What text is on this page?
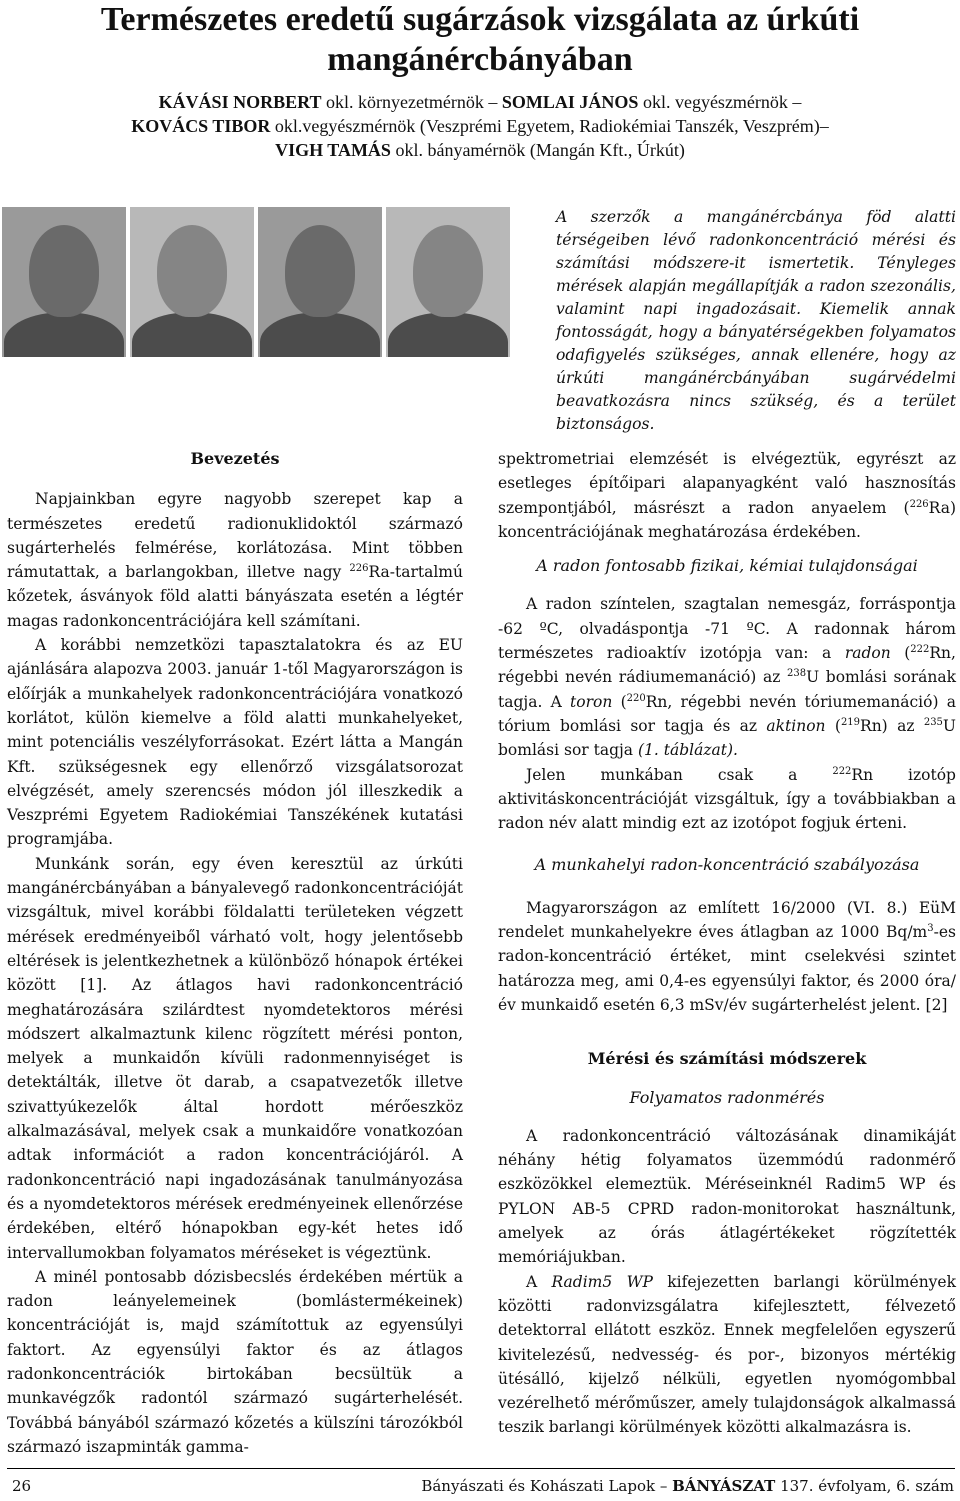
Természetes eredetű sugárzások vizsgálata az úrkúti
mangánércbányában
KÁVÁSI NORBERT okl. környezetmérnök – SOMLAI JÁNOS okl. vegyészmérnök –
KOVÁCS TIBOR okl.vegyészmérnök (Veszprémi Egyetem, Radiokémiai Tanszék, Veszprém)–
VIGH TAMÁS okl. bányamérnök (Mangán Kft., Úrkút)
A szerzők a mangánércbánya föd alatti térségeiben lévő radonkoncentráció mérési és számítási módszere-it ismertetik. Tényleges mérések alapján megállapítják a radon szezonális, valamint napi ingadozásait. Kiemelik annak fontosságát, hogy a bányatérségekben folyamatos odafigyelés szükséges, annak ellenére, hogy az úrkúti mangánércbányában sugárvédelmi beavatkozásra nincs szükség, és a terület biztonságos.
Bevezetés

Napjainkban egyre nagyobb szerepet kap a természetes eredetű radionuklidoktól származó sugárterhelés felmérése, korlátozása. Mint többen rámutattak, a barlangokban, illetve nagy $^{226}$Ra-tartalmú kőzetek, ásványok föld alatti bányászata esetén a légtér magas radonkoncentrációjára kell számítani.

A korábbi nemzetközi tapasztalatokra és az EU ajánlására alapozva 2003. január 1-től Magyarországon is előírják a munkahelyek radonkoncentrációjára vonatkozó korlátot, külön kiemelve a föld alatti munkahelyeket, mint potenciális veszélyforrásokat. Ezért látta a Mangán Kft. szükségesnek egy ellenőrző vizsgálatsorozat elvégzését, amely szerencsés módon jól illeszkedik a Veszprémi Egyetem Radiokémiai Tanszékének kutatási programjába.

Munkánk során, egy éven keresztül az úrkúti mangánércbányában a bányalevegő radonkoncentrációját vizsgáltuk, mivel korábbi földalatti területeken végzett mérések eredményeiből várható volt, hogy jelentősebb eltérések is jelentkezhetnek a különböző hónapok értékei között [1]. Az átlagos havi radonkoncentráció meghatározására szilárdtest nyomdetektoros mérési módszert alkalmaztunk kilenc rögzített mérési ponton, melyek a munkaidőn kívüli radonmennyiséget is detektálták, illetve öt darab, a csapatvezetők illetve szivattyúkezelők által hordott mérőeszköz alkalmazásával, melyek csak a munkaidőre vonatkozóan adtak információt a radon koncentrációjáról. A radonkoncentráció napi ingadozásának tanulmányozása és a nyomdetektoros mérések eredményeinek ellenőrzése érdekében, eltérő hónapokban egy-két hetes idő intervallumokban folyamatos méréseket is végeztünk.

A minél pontosabb dózisbecslés érdekében mértük a radon leányelemeinek (bomlástermékeinek) koncentrációját is, majd számítottuk az egyensúlyi faktort. Az egyensúlyi faktor és az átlagos radonkoncentrációk birtokában becsültük a munkavégzők radontól származó sugárterhelését. Továbbá bányából származó kőzetés a külszíni tározókból származó iszapminták gamma-

spektrometriai elemzését is elvégeztük, egyrészt az esetleges építőipari alapanyagként való hasznosítás szempontjából, másrészt a radon anyaelem ($^{226}$Ra) koncentrációjának meghatározása érdekében.

A radon fontosabb fizikai, kémiai tulajdonságai

A radon színtelen, szagtalan nemesgáz, forráspontja -62 ºC, olvadáspontja -71 ºC. A radonnak három természetes radioaktív izotópja van: a radon ($^{222}$Rn, régebbi nevén rádiumemanáció) az $^{238}$U bomlási sorának tagja. A toron ($^{220}$Rn, régebbi nevén tóriumemanáció) a tórium bomlási sor tagja és az aktinon ($^{219}$Rn) az $^{235}$U bomlási sor tagja (1. táblázat).

Jelen munkában csak a $^{222}$Rn izotóp aktivitáskoncentrációját vizsgáltuk, így a továbbiakban a radon név alatt mindig ezt az izotópot fogjuk érteni.

A munkahelyi radon-koncentráció szabályozása

Magyarországon az említett 16/2000 (VI. 8.) EüM rendelet munkahelyekre éves átlagban az 1000 $Bq/m^3-es$ radon-koncentráció értéket, mint cselekvési szintet határozza meg, ami 0,4-es egyensúlyi faktor, és 2000 óra/év munkaidő esetén 6,3 mSv/év sugárterhelést jelent. [2]

Mérési és számítási módszerek
Folyamatos radonmérés

A radonkoncentráció változásának dinamikáját néhány hétig folyamatos üzemmódú radonmérő eszközökkel elemeztük. Méréseinknél Radim5 WP és PYLON AB-5 CPRD radon-monitorokat használtunk, amelyek az órás átlagértékeket rögzítették memóriájukban.

A Radim5 WP kifejezetten barlangi körülmények közötti radonvizsgálatra kifejlesztett, félvezető detektorral ellátott eszköz. Ennek megfelelően egyszerű kivitelezésű, nedvesség- és por-, bizonyos mértékig ütésálló, kijelző nélküli, egyetlen nyomógombbal vezérelhető mérőműszer, amely tulajdonságok alkalmassá teszik barlangi körülmények közötti alkalmazásra is.

26	Bányászati és Kohászati Lapok – BÁNYÁSZAT 137. évfolyam, 6. szám
